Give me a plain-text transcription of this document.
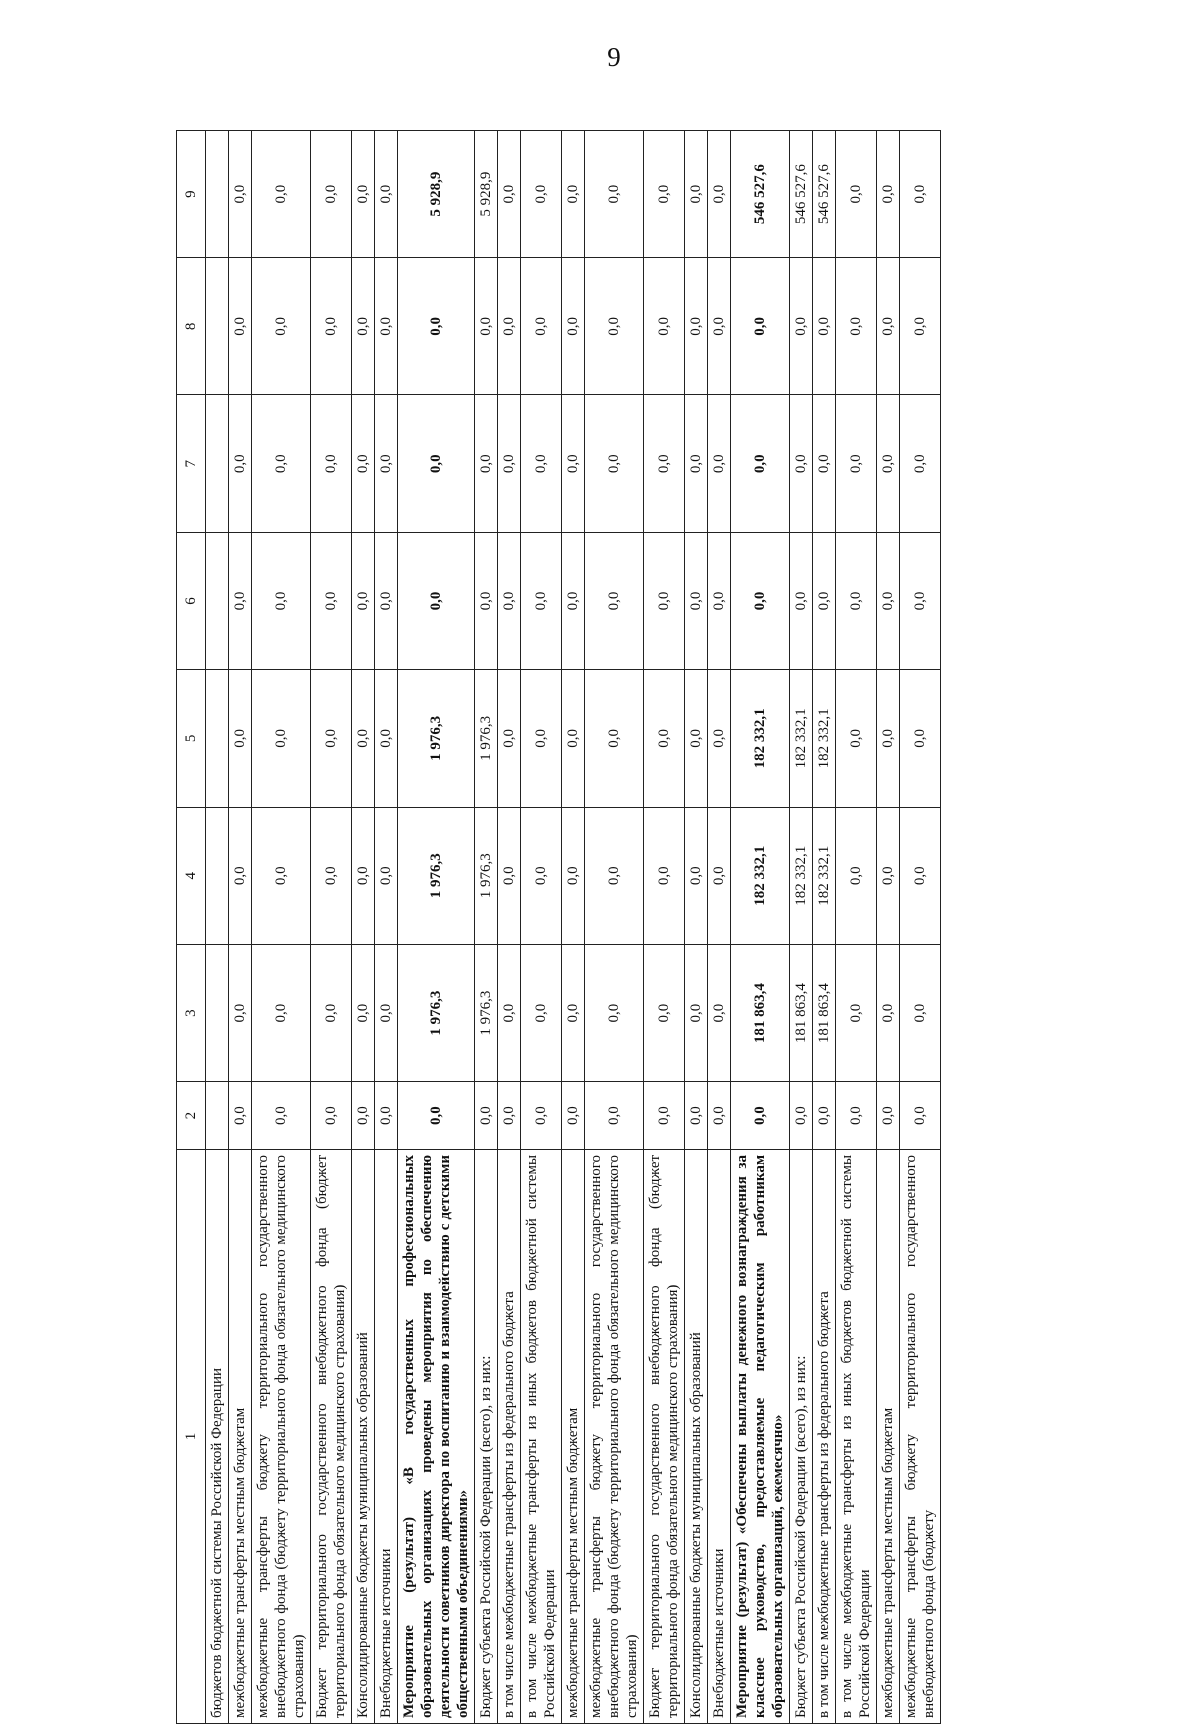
9
1	2	3	4	5	6	7	8	9
бюджетов бюджетной системы Российской Федерации								
межбюджетные трансферты местным бюджетам	0,0	0,0	0,0	0,0	0,0	0,0	0,0	0,0
межбюджетные трансферты бюджету территориального государственного внебюджетного фонда (бюджету территориального фонда обязательного медицинского страхования)	0,0	0,0	0,0	0,0	0,0	0,0	0,0	0,0
Бюджет территориального государственного внебюджетного фонда (бюджет территориального фонда обязательного медицинского страхования)	0,0	0,0	0,0	0,0	0,0	0,0	0,0	0,0
Консолидированные бюджеты муниципальных образований	0,0	0,0	0,0	0,0	0,0	0,0	0,0	0,0
Внебюджетные источники	0,0	0,0	0,0	0,0	0,0	0,0	0,0	0,0
Мероприятие (результат) «В государственных профессиональных образовательных организациях проведены мероприятия по обеспечению деятельности советников директора по воспитанию и взаимодействию с детскими общественными объединениями»	0,0	1 976,3	1 976,3	1 976,3	0,0	0,0	0,0	5 928,9
Бюджет субъекта Российской Федерации (всего), из них:	0,0	1 976,3	1 976,3	1 976,3	0,0	0,0	0,0	5 928,9
в том числе межбюджетные трансферты из федерального бюджета	0,0	0,0	0,0	0,0	0,0	0,0	0,0	0,0
в том числе межбюджетные трансферты из иных бюджетов бюджетной системы Российской Федерации	0,0	0,0	0,0	0,0	0,0	0,0	0,0	0,0
межбюджетные трансферты местным бюджетам	0,0	0,0	0,0	0,0	0,0	0,0	0,0	0,0
межбюджетные трансферты бюджету территориального государственного внебюджетного фонда (бюджету территориального фонда обязательного медицинского страхования)	0,0	0,0	0,0	0,0	0,0	0,0	0,0	0,0
Бюджет территориального государственного внебюджетного фонда (бюджет территориального фонда обязательного медицинского страхования)	0,0	0,0	0,0	0,0	0,0	0,0	0,0	0,0
Консолидированные бюджеты муниципальных образований	0,0	0,0	0,0	0,0	0,0	0,0	0,0	0,0
Внебюджетные источники	0,0	0,0	0,0	0,0	0,0	0,0	0,0	0,0
Мероприятие (результат) «Обеспечены выплаты денежного вознаграждения за классное руководство, предоставляемые педагогическим работникам образовательных организаций, ежемесячно»	0,0	181 863,4	182 332,1	182 332,1	0,0	0,0	0,0	546 527,6
Бюджет субъекта Российской Федерации (всего), из них:	0,0	181 863,4	182 332,1	182 332,1	0,0	0,0	0,0	546 527,6
в том числе межбюджетные трансферты из федерального бюджета	0,0	181 863,4	182 332,1	182 332,1	0,0	0,0	0,0	546 527,6
в том числе межбюджетные трансферты из иных бюджетов бюджетной системы Российской Федерации	0,0	0,0	0,0	0,0	0,0	0,0	0,0	0,0
межбюджетные трансферты местным бюджетам	0,0	0,0	0,0	0,0	0,0	0,0	0,0	0,0
межбюджетные трансферты бюджету территориального государственного внебюджетного фонда (бюджету	0,0	0,0	0,0	0,0	0,0	0,0	0,0	0,0
